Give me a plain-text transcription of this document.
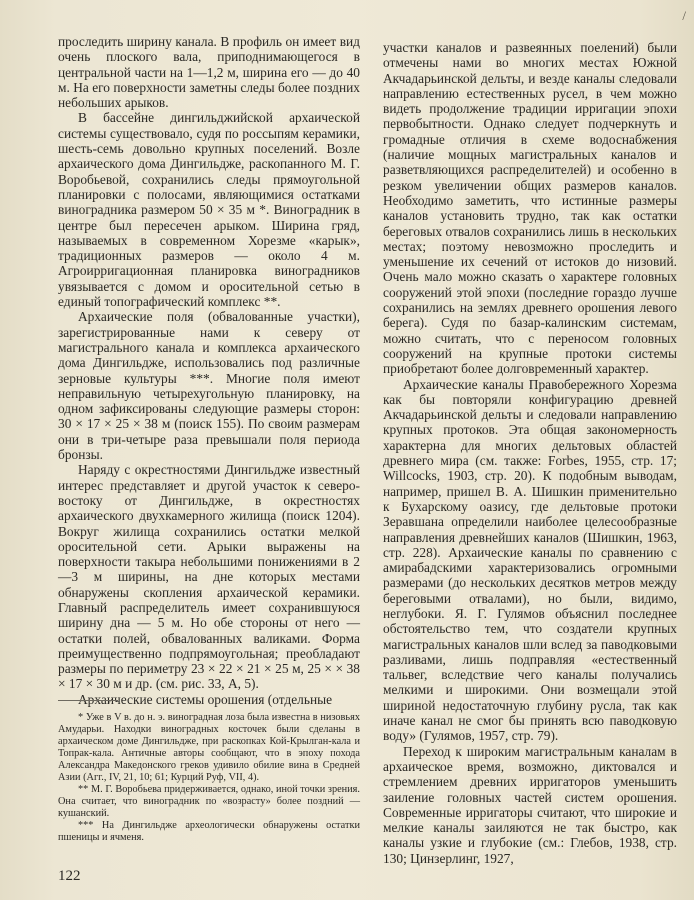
/

проследить ширину канала. В профиль он имеет вид очень плоского вала, приподнимающегося в центральной части на 1—1,2 м, ширина его — до 40 м. На его поверхности заметны следы более поздних небольших арыков.

В бассейне дингильджийской архаической системы существовало, судя по россыпям керамики, шесть-семь довольно крупных поселений. Возле архаического дома Дингильдже, раскопанного М. Г. Воробьевой, сохранились следы прямоугольной планировки с полосами, являющимися остатками виноградника размером 50 × 35 м *. Виноградник в центре был пересечен арыком. Ширина гряд, называемых в современном Хорезме «карык», традиционных размеров — около 4 м. Агроирригационная планировка виноградников увязывается с домом и оросительной сетью в единый топографический комплекс **.

Архаические поля (обвалованные участки), зарегистрированные нами к северу от магистрального канала и комплекса архаического дома Дингильдже, использовались под различные зерновые культуры ***. Многие поля имеют неправильную четырехугольную планировку, на одном зафиксированы следующие размеры сторон: 30 × 17 × 25 × 38 м (поиск 155). По своим размерам они в три-четыре раза превышали поля периода бронзы.

Наряду с окрестностями Дингильдже известный интерес представляет и другой участок к северо-востоку от Дингильдже, в окрестностях архаического двухкамерного жилища (поиск 1204). Вокруг жилища сохранились остатки мелкой оросительной сети. Арыки выражены на поверхности такыра небольшими понижениями в 2—3 м ширины, на дне которых местами обнаружены скопления архаической керамики. Главный распределитель имеет сохранившуюся ширину дна — 5 м. Но обе стороны от него — остатки полей, обвалованных валиками. Форма преимущественно подпрямоугольная; преобладают размеры по периметру 23 × 22 × 21 × 25 м, 25 × × 38 × 17 × 30 м и др. (см. рис. 33, А, 5).

Архаические системы орошения (отдельные

участки каналов и развеянных поелений) были отмечены нами во многих местах Южной Акчадарьинской дельты, и везде каналы следовали направлению естественных русел, в чем можно видеть продолжение традиции ирригации эпохи первобытности. Однако следует подчеркнуть и громадные отличия в схеме водоснабжения (наличие мощных магистральных каналов и разветвляющихся распределителей) и особенно в резком увеличении общих размеров каналов. Необходимо заметить, что истинные размеры каналов установить трудно, так как остатки береговых отвалов сохранились лишь в нескольких местах; поэтому невозможно проследить и уменьшение их сечений от истоков до низовий. Очень мало можно сказать о характере головных сооружений этой эпохи (последние гораздо лучше сохранились на землях древнего орошения левого берега). Судя по базар-калинским системам, можно считать, что с переносом головных сооружений на крупные протоки системы приобретают более долговременный характер.

Архаические каналы Правобережного Хорезма как бы повторяли конфигурацию древней Акчадарьинской дельты и следовали направлению крупных протоков. Эта общая закономерность характерна для многих дельтовых областей древнего мира (см. также: Forbes, 1955, стр. 17; Willcocks, 1903, стр. 20). К подобным выводам, например, пришел В. А. Шишкин применительно к Бухарскому оазису, где дельтовые протоки Зеравшана определили наиболее целесообразные направления древнейших каналов (Шишкин, 1963, стр. 228). Архаические каналы по сравнению с амирабадскими характеризовались огромными размерами (до нескольких десятков метров между береговыми отвалами), но были, видимо, неглубоки. Я. Г. Гулямов объяснил последнее обстоятельство тем, что создатели крупных магистральных каналов шли вслед за паводковыми разливами, лишь подправляя «естественный тальвег, вследствие чего каналы получались мелкими и широкими. Они возмещали этой шириной недостаточную глубину русла, так как иначе канал не смог бы принять всю паводковую воду» (Гулямов, 1957, стр. 79).

Переход к широким магистральным каналам в архаическое время, возможно, диктовался и стремлением древних ирригаторов уменьшить заиление головных частей систем орошения. Современные ирригаторы считают, что широкие и мелкие каналы заиляются не так быстро, как каналы узкие и глубокие (см.: Глебов, 1938, стр. 130; Цинзерлинг, 1927,

* Уже в V в. до н. э. виноградная лоза была известна в низовьях Амударьи. Находки виноградных косточек были сделаны в архаическом доме Дингильдже, при раскопках Кой-Крылган-кала и Топрак-кала. Античные авторы сообщают, что в эпоху похода Александра Македонского греков удивило обилие вина в Средней Азии (Агг., IV, 21, 10; 61; Курций Руф, VII, 4).

** М. Г. Воробьева придерживается, однако, иной точки зрения. Она считает, что виноградник по «возрасту» более поздний — кушанский.

*** На Дингильдже археологически обнаружены остатки пшеницы и ячменя.

122
